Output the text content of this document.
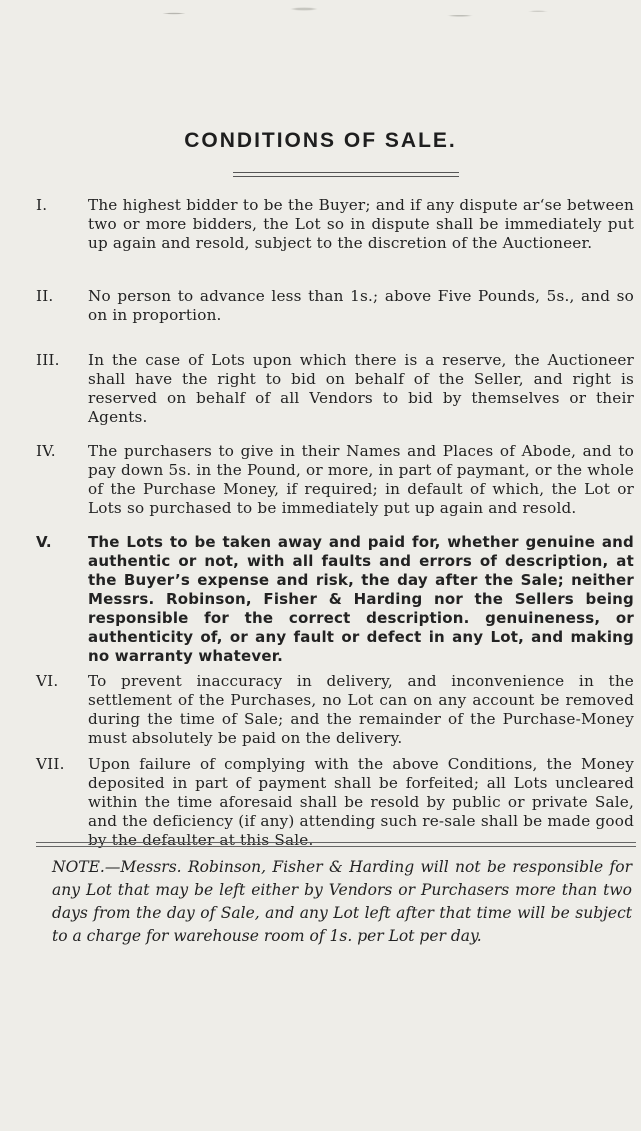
CONDITIONS OF SALE.
I.	The highest bidder to be the Buyer; and if any dispute ar‘se between two or more bidders, the Lot so in dispute shall be immediately put up again and resold, subject to the discretion of the Auctioneer.
II.	No person to advance less than 1s.; above Five Pounds, 5s., and so on in proportion.
III.	In the case of Lots upon which there is a reserve, the Auctioneer shall have the right to bid on behalf of the Seller, and right is reserved on behalf of all Vendors to bid by themselves or their Agents.
IV.	The purchasers to give in their Names and Places of Abode, and to pay down 5s. in the Pound, or more, in part of paymant, or the whole of the Purchase Money, if required; in default of which, the Lot or Lots so purchased to be immediately put up again and resold.
V.	The Lots to be taken away and paid for, whether genuine and authentic or not, with all faults and errors of description, at the Buyer’s expense and risk, the day after the Sale; neither Messrs. Robinson, Fisher & Harding nor the Sellers being responsible for the correct description. genuineness, or authenticity of, or any fault or defect in any Lot, and making no warranty whatever.
VI.	To prevent inaccuracy in delivery, and inconvenience in the settlement of the Purchases, no Lot can on any account be removed during the time of Sale; and the remainder of the Purchase-Money must absolutely be paid on the delivery.
VII.	Upon failure of complying with the above Conditions, the Money deposited in part of payment shall be forfeited; all Lots uncleared within the time aforesaid shall be resold by public or private Sale, and the deficiency (if any) attending such re-sale shall be made good by the defaulter at this Sale.
NOTE.—Messrs. Robinson, Fisher & Harding will not be responsible for any Lot that may be left either by Vendors or Purchasers more than two days from the day of Sale, and any Lot left after that time will be subject to a charge for warehouse room of 1s. per Lot per day.
